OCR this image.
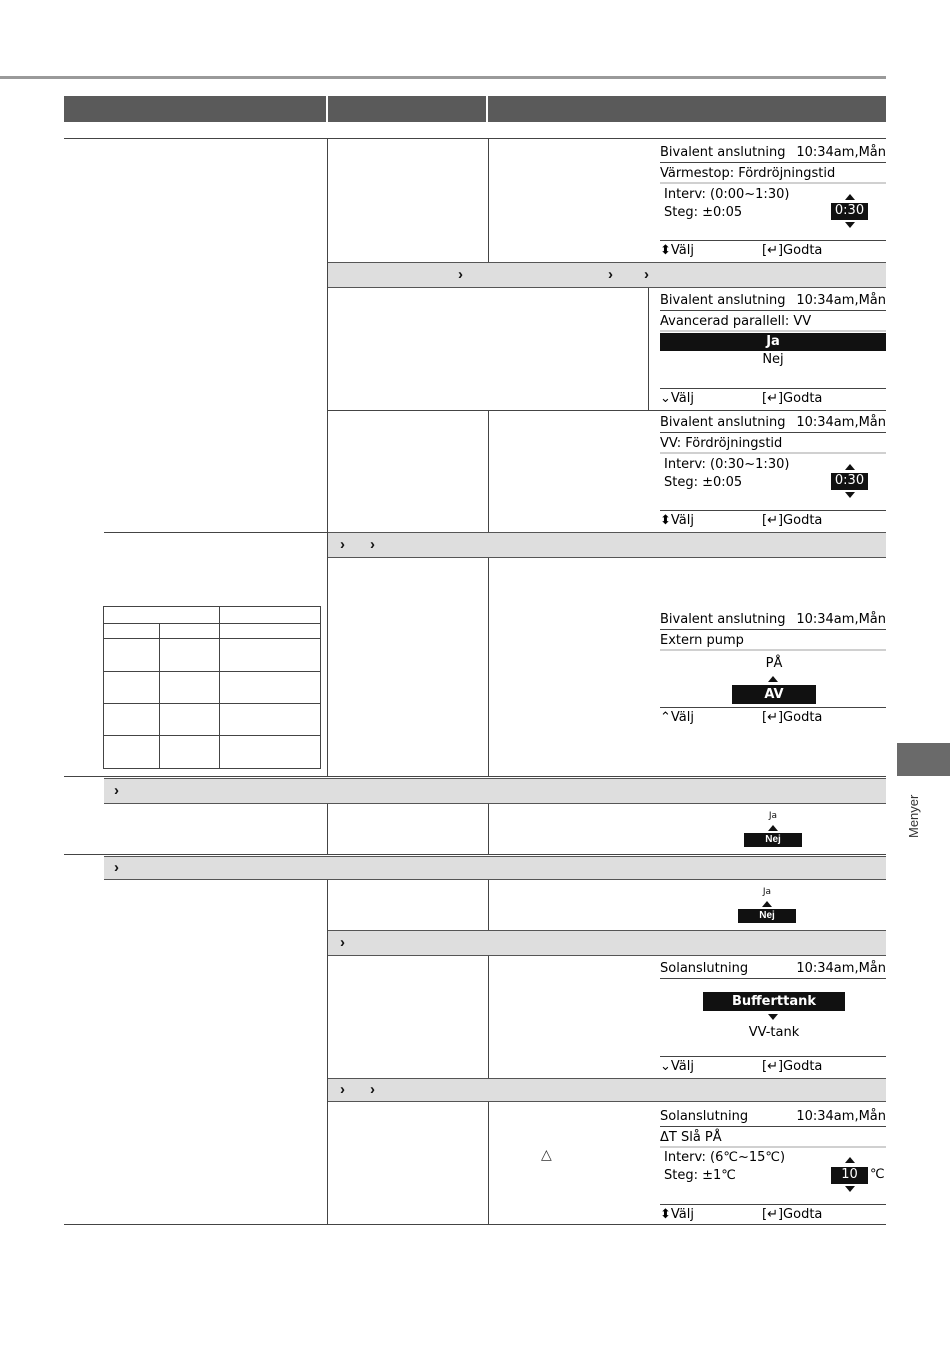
›	› ›
› ›
›
›
›
› ›
Bivalent anslutning 10:34am,Mån
Värmestop: Fördröjningstid
Interv: (0:00~1:30)
Steg: ±0:05	0:30
⬍Välj	[↵]Godta
Bivalent anslutning 10:34am,Mån
Avancerad parallell: VV
Ja
Nej
⌄Välj	[↵]Godta
Bivalent anslutning 10:34am,Mån
VV: Fördröjningstid
Interv: (0:30~1:30)
Steg: ±0:05	0:30
⬍Välj	[↵]Godta
Bivalent anslutning 10:34am,Mån
Extern pump
PÅ
AV
⌃Välj	[↵]Godta
Ja
Nej
Ja
Nej
Solanslutning	10:34am,Mån
Bufferttank
VV-tank
⌄Välj	[↵]Godta
△
Solanslutning	10:34am,Mån
ΔT Slå PÅ
Interv: (6℃~15℃)
Steg: ±1℃	10 ℃
⬍Välj	[↵]Godta
Menyer
